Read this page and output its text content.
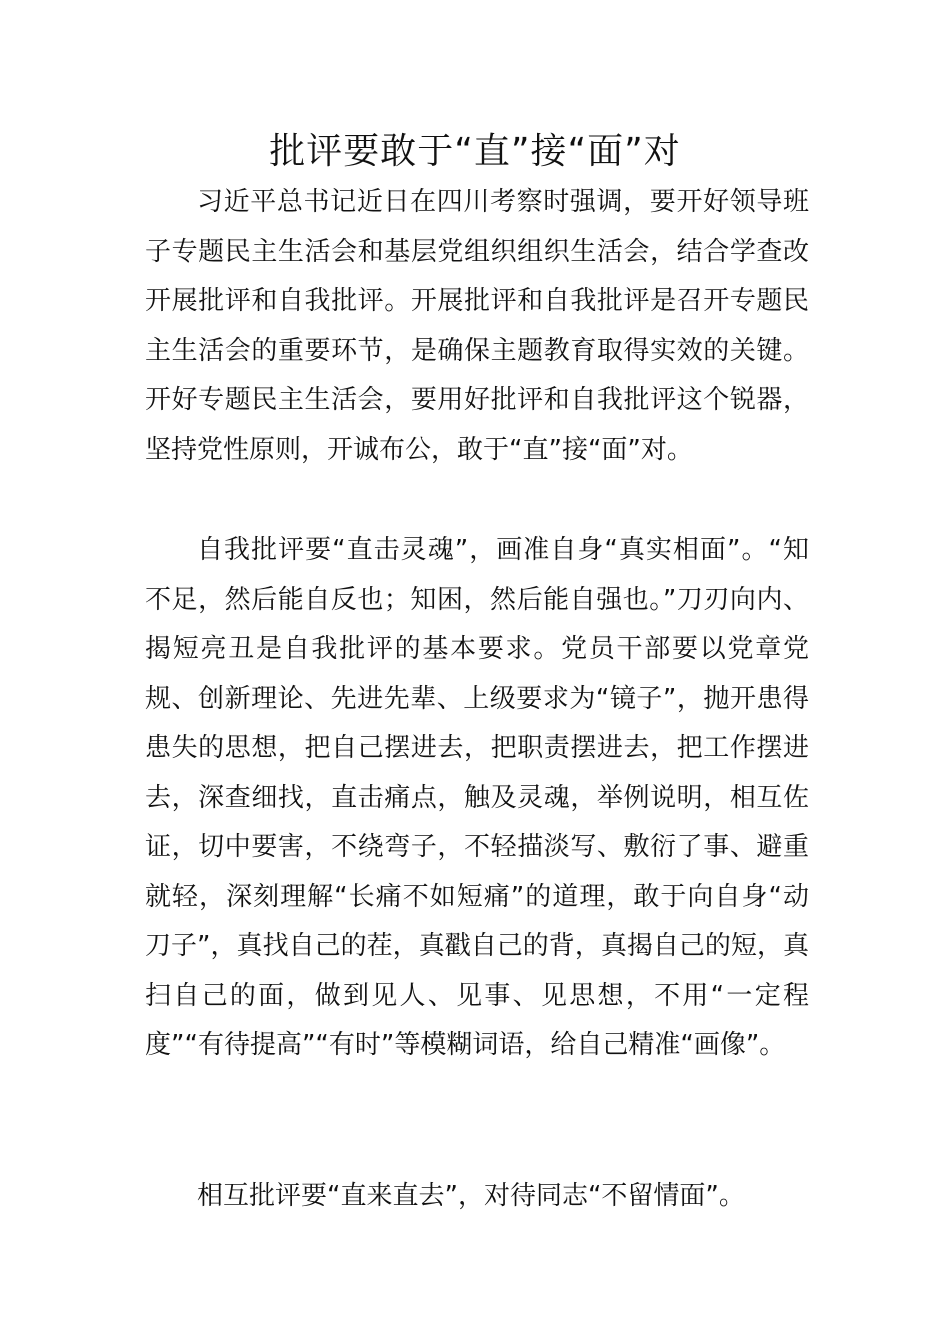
批评要敢于“直”接“面”对

习近平总书记近日在四川考察时强调，要开好领导班子专题民主生活会和基层党组织组织生活会，结合学查改开展批评和自我批评。开展批评和自我批评是召开专题民主生活会的重要环节，是确保主题教育取得实效的关键。开好专题民主生活会，要用好批评和自我批评这个锐器，坚持党性原则，开诚布公，敢于“直”接“面”对。

自我批评要“直击灵魂”，画准自身“真实相面”。“知不足，然后能自反也；知困，然后能自强也。”刀刃向内、揭短亮丑是自我批评的基本要求。党员干部要以党章党规、创新理论、先进先辈、上级要求为“镜子”，抛开患得患失的思想，把自己摆进去，把职责摆进去，把工作摆进去，深查细找，直击痛点，触及灵魂，举例说明，相互佐证，切中要害，不绕弯子，不轻描淡写、敷衍了事、避重就轻，深刻理解“长痛不如短痛”的道理，敢于向自身“动刀子”，真找自己的茬，真戳自己的背，真揭自己的短，真扫自己的面，做到见人、见事、见思想，不用“一定程度”“有待提高”“有时”等模糊词语，给自己精准“画像”。

相互批评要“直来直去”，对待同志“不留情面”。
